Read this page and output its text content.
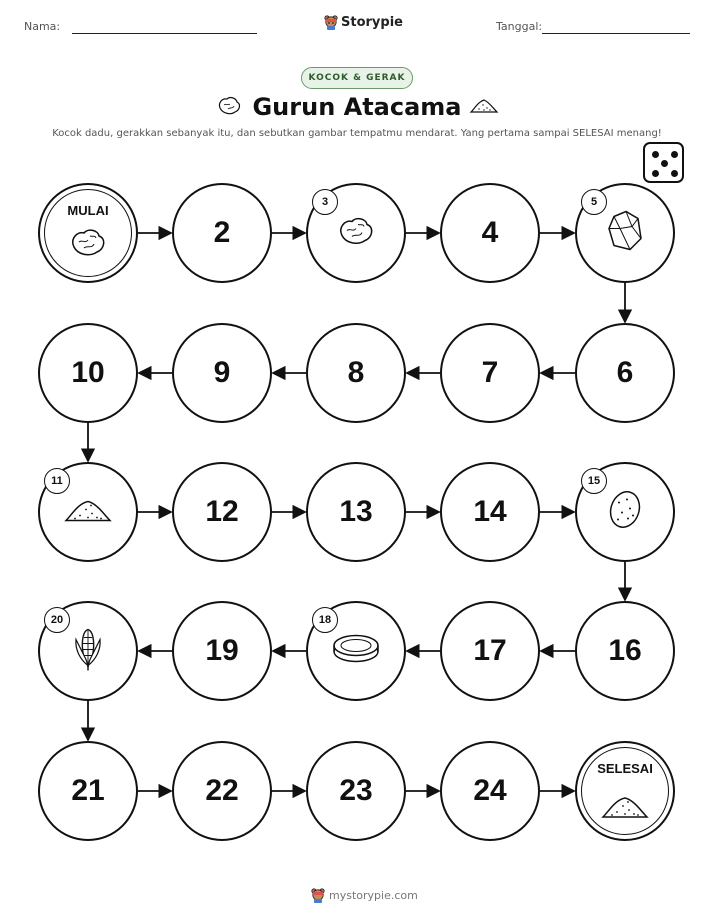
Nama:	Storypie	Tanggal:
KOCOK & GERAK
Gurun Atacama
Kocok dadu, gerakkan sebanyak itu, dan sebutkan gambar tempatmu mendarat. Yang pertama sampai SELESAI menang!
MULAI
2
3
4
5
6
7
8
9
10
11
12	13	14
15
16
17
18
19
20
21	22	23	24
SELESAI
mystorypie.com
